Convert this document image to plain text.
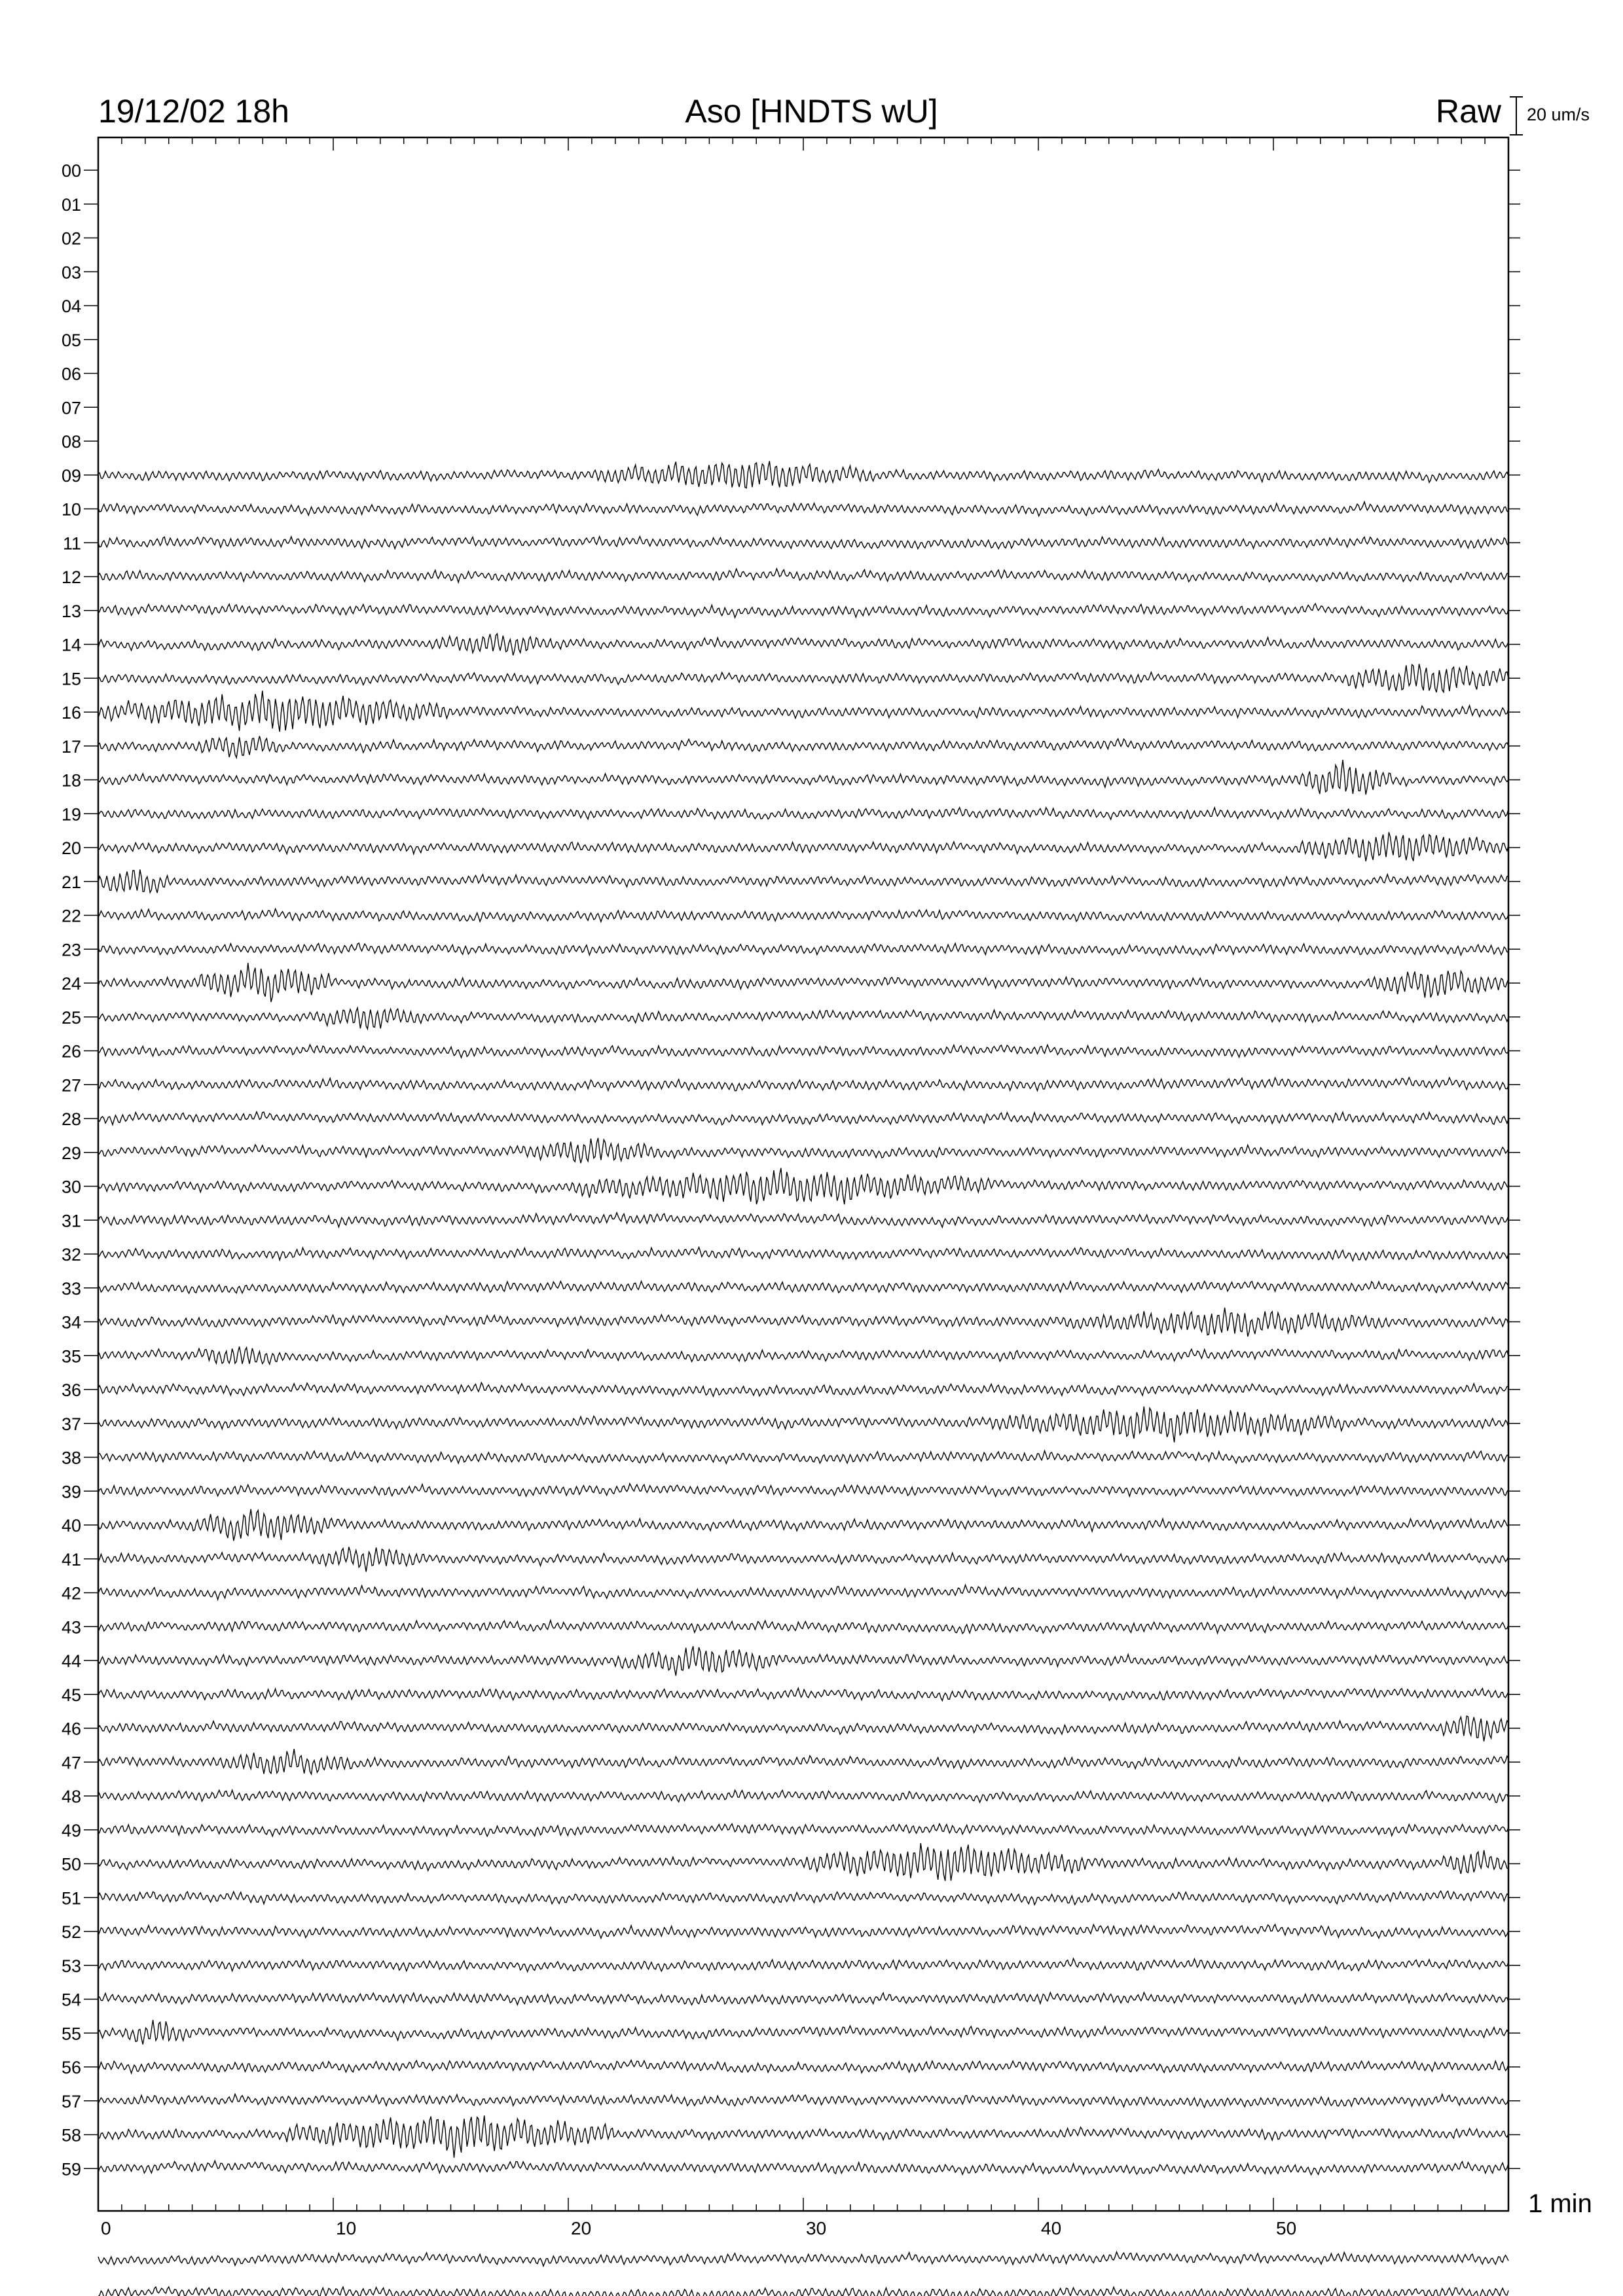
19/12/02 18h	Aso [HNDTS wU]	Raw 20 um/s
1 min
0	10	20	30	40	50
00
01
02
03
04
05
06
07
08
09
10
11
12
13
14
15
16
17
18
19
20
21
22
23
24
25
26
27
28
29
30
31
32
33
34
35
36
37
38
39
40
41
42
43
44
45
46
47
48
49
50
51
52
53
54
55
56
57
58
59
